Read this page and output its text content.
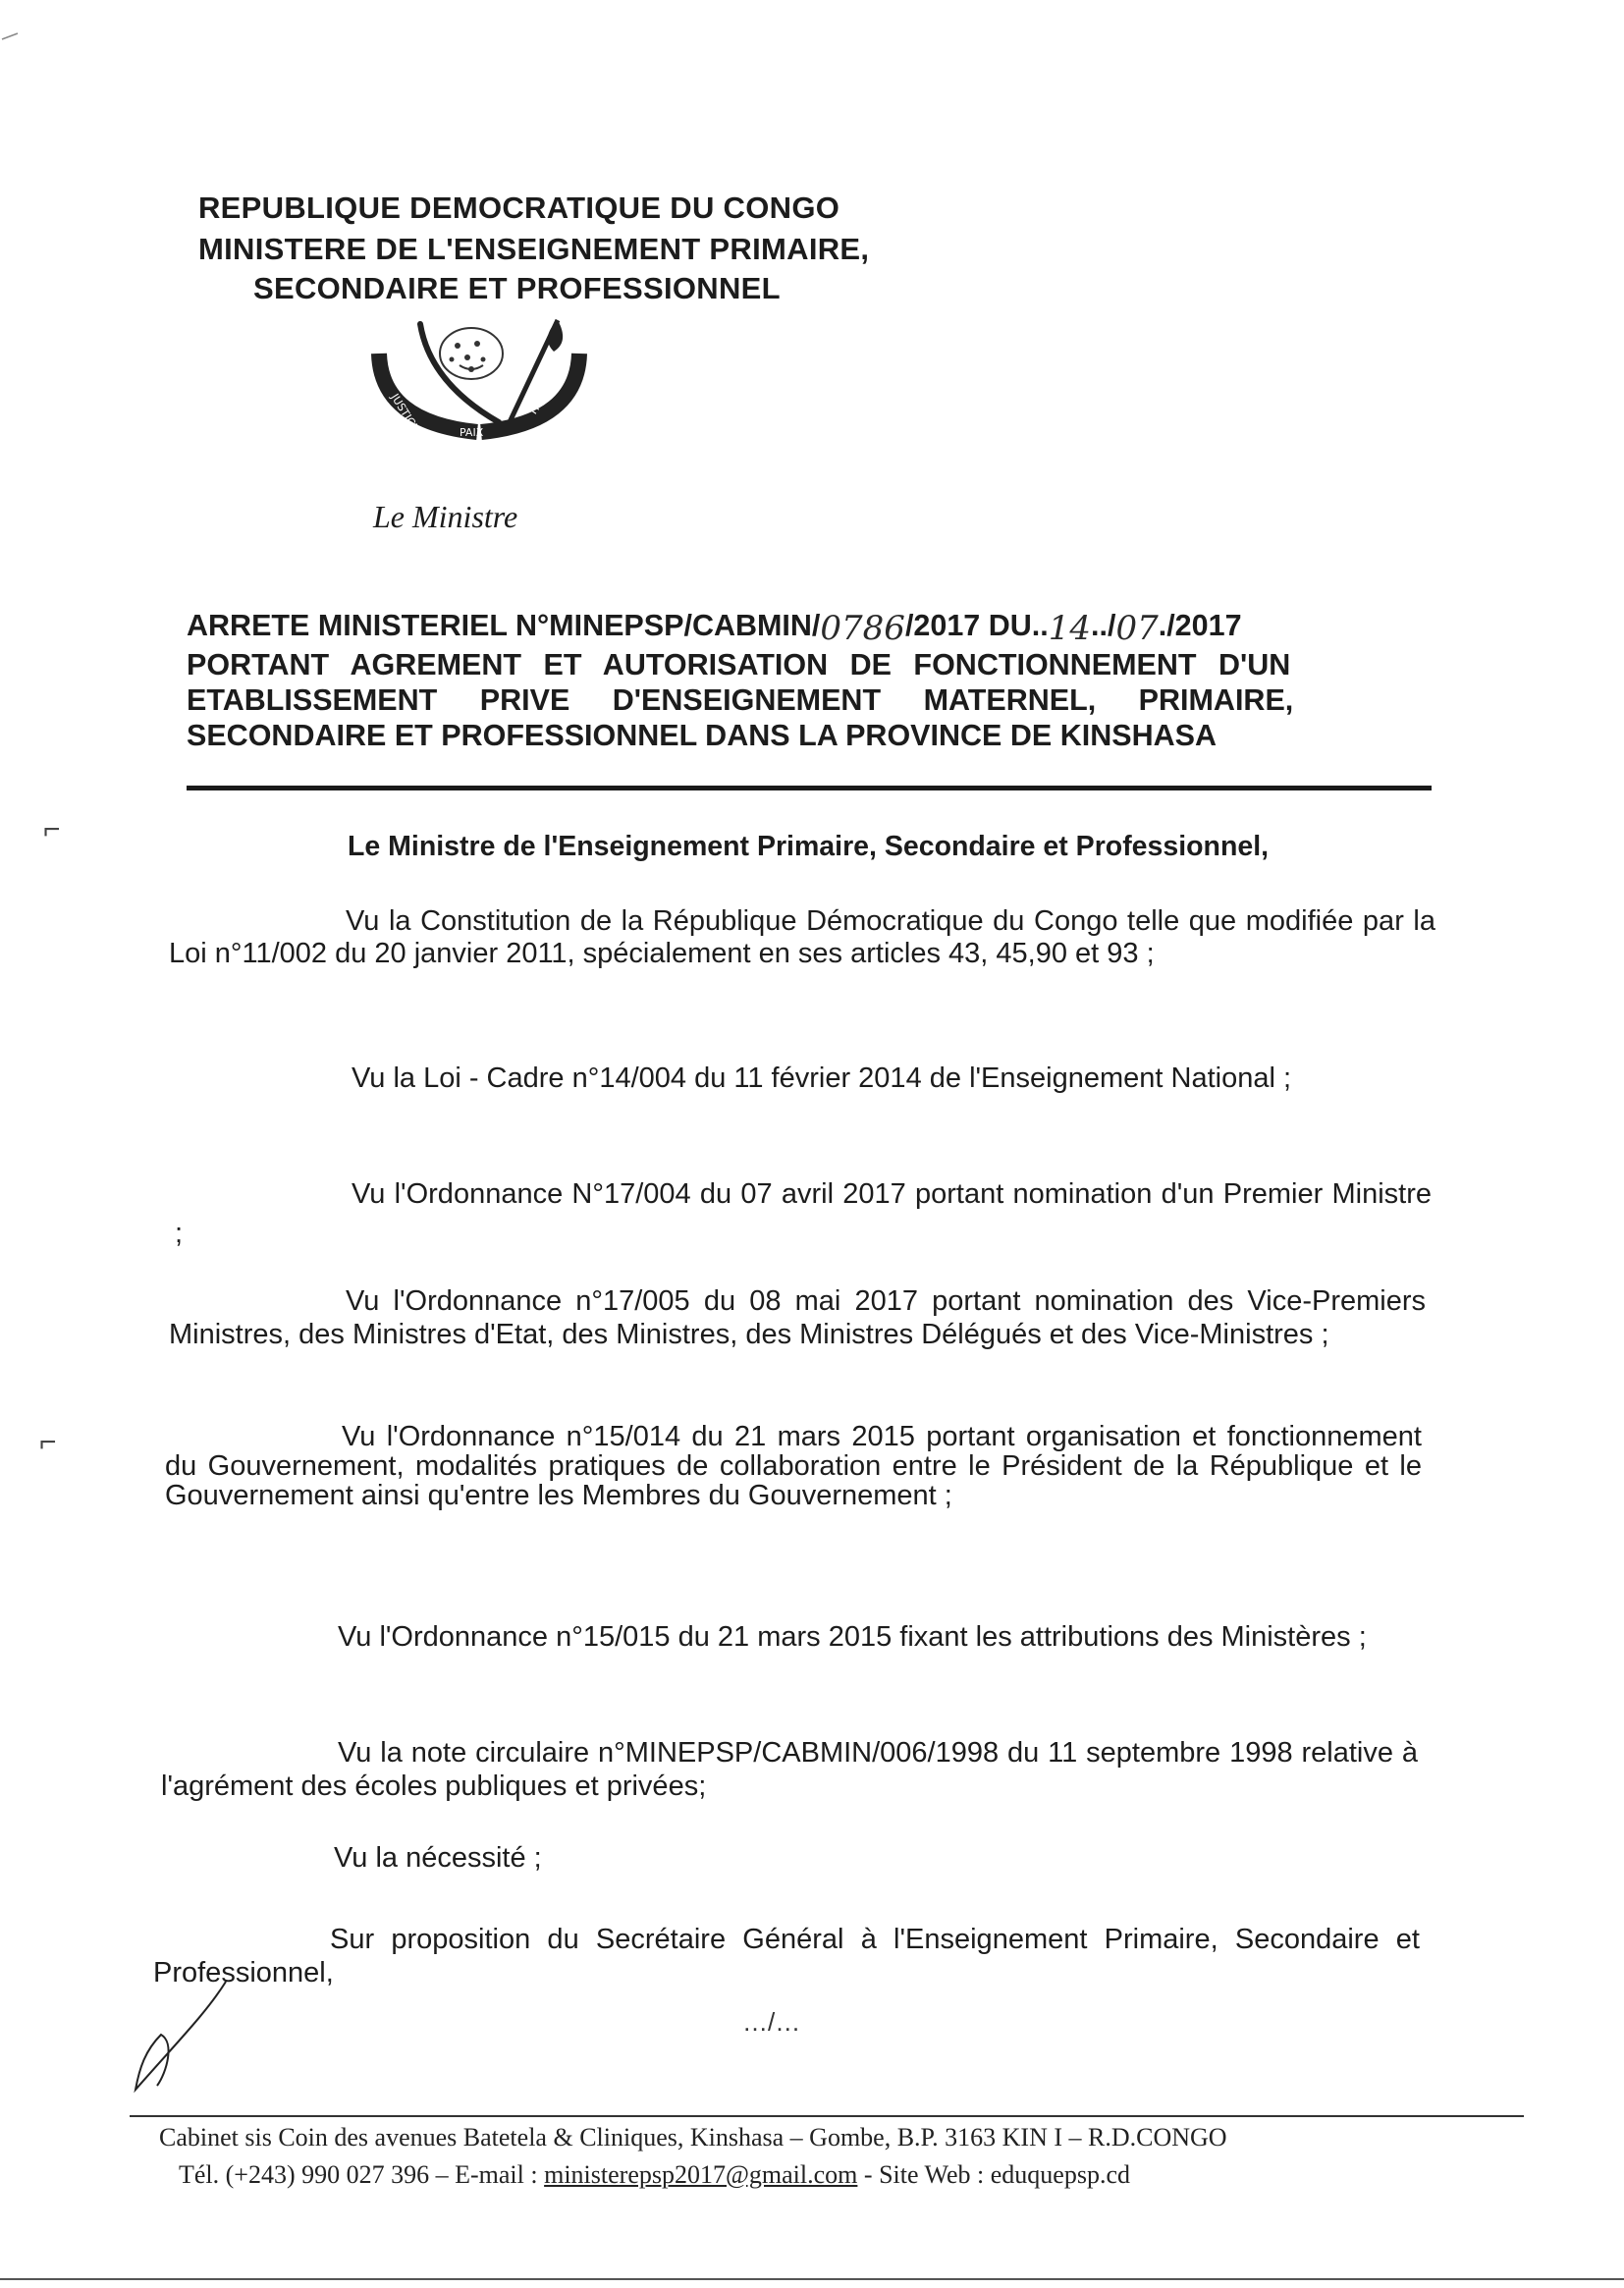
REPUBLIQUE DEMOCRATIQUE DU CONGO
MINISTERE DE L'ENSEIGNEMENT PRIMAIRE,
SECONDAIRE ET PROFESSIONNEL
JUSTICE	PAIX
TRAVAIL
Le Ministre
ARRETE MINISTERIEL N°MINEPSP/CABMIN/ 0786 /2017 DU .. 14 .. / 07 . /2017
PORTANT AGREMENT ET AUTORISATION DE FONCTIONNEMENT D'UN
ETABLISSEMENT PRIVE D'ENSEIGNEMENT MATERNEL, PRIMAIRE,
SECONDAIRE ET PROFESSIONNEL DANS LA PROVINCE DE KINSHASA
⌐
⌐
Le Ministre de l'Enseignement Primaire, Secondaire et Professionnel,
Vu la Constitution de la République Démocratique du Congo telle que modifiée par la Loi n°11/002 du 20 janvier 2011, spécialement en ses articles 43, 45,90 et 93 ;
Vu la Loi - Cadre n°14/004 du 11 février 2014 de l'Enseignement National ;
Vu l'Ordonnance N°17/004 du 07 avril 2017 portant nomination d'un Premier Ministre ;
Vu l'Ordonnance n°17/005 du 08 mai 2017 portant nomination des Vice-Premiers Ministres, des Ministres d'Etat, des Ministres, des Ministres Délégués et des Vice-Ministres ;
Vu l'Ordonnance n°15/014 du 21 mars 2015 portant organisation et fonctionnement du Gouvernement, modalités pratiques de collaboration entre le Président de la République et le Gouvernement ainsi qu'entre les Membres du Gouvernement ;
Vu l'Ordonnance n°15/015 du 21 mars 2015 fixant les attributions des Ministères ;
Vu la note circulaire n°MINEPSP/CABMIN/006/1998 du 11 septembre 1998 relative à l'agrément des écoles publiques et privées;
Vu la nécessité ;
Sur proposition du Secrétaire Général à l'Enseignement Primaire, Secondaire et Professionnel,
…/…
Cabinet sis Coin des avenues Batetela & Cliniques, Kinshasa – Gombe, B.P. 3163 KIN I – R.D.CONGO
Tél. (+243) 990 027 396 – E-mail : ministerepsp2017@gmail.com - Site Web : eduquepsp.cd
